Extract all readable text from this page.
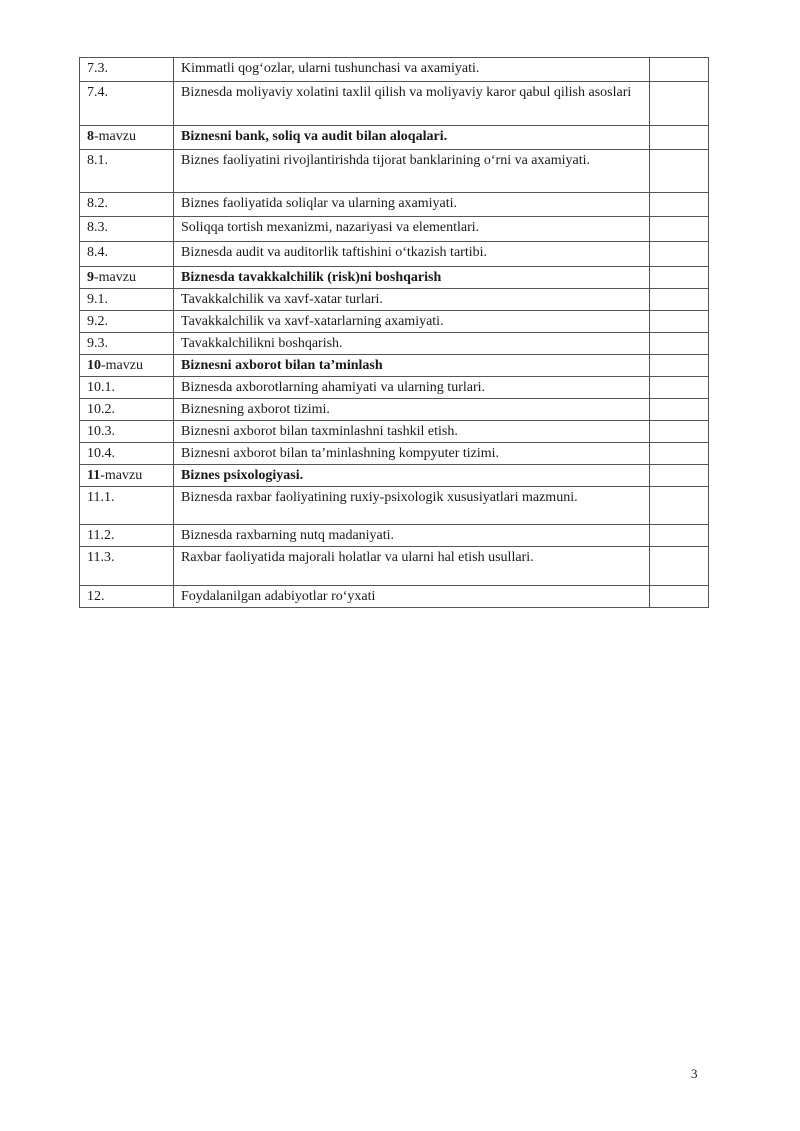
7.3.	Kimmatli qog‘ozlar, ularni tushunchasi va axamiyati.	
7.4.	Biznesda moliyaviy xolatini taxlil qilish va moliyaviy karor qabul qilish asoslari	
8-mavzu	Biznesni bank, soliq va audit bilan aloqalari.	
8.1.	Biznes faoliyatini rivojlantirishda tijorat banklarining o‘rni va axamiyati.	
8.2.	Biznes faoliyatida soliqlar va ularning axamiyati.	
8.3.	Soliqqa tortish mexanizmi, nazariyasi va elementlari.	
8.4.	Biznesda audit va auditorlik taftishini o‘tkazish tartibi.	
9-mavzu	Biznesda tavakkalchilik (risk)ni boshqarish	
9.1.	Tavakkalchilik va xavf-xatar turlari.	
9.2.	Tavakkalchilik va xavf-xatarlarning axamiyati.	
9.3.	Tavakkalchilikni boshqarish.	
10-mavzu	Biznesni axborot bilan ta’minlash	
10.1.	Biznesda axborotlarning ahamiyati va ularning turlari.	
10.2.	Biznesning axborot tizimi.	
10.3.	Biznesni axborot bilan taxminlashni tashkil etish.	
10.4.	Biznesni axborot bilan ta’minlashning kompyuter tizimi.	
11-mavzu	Biznes psixologiyasi.	
11.1.	Biznesda raxbar faoliyatining ruxiy-psixologik xususiyatlari mazmuni.	
11.2.	Biznesda raxbarning nutq madaniyati.	
11.3.	Raxbar faoliyatida majorali holatlar va ularni hal etish usullari.	
12.	Foydalanilgan adabiyotlar ro‘yxati	
3
